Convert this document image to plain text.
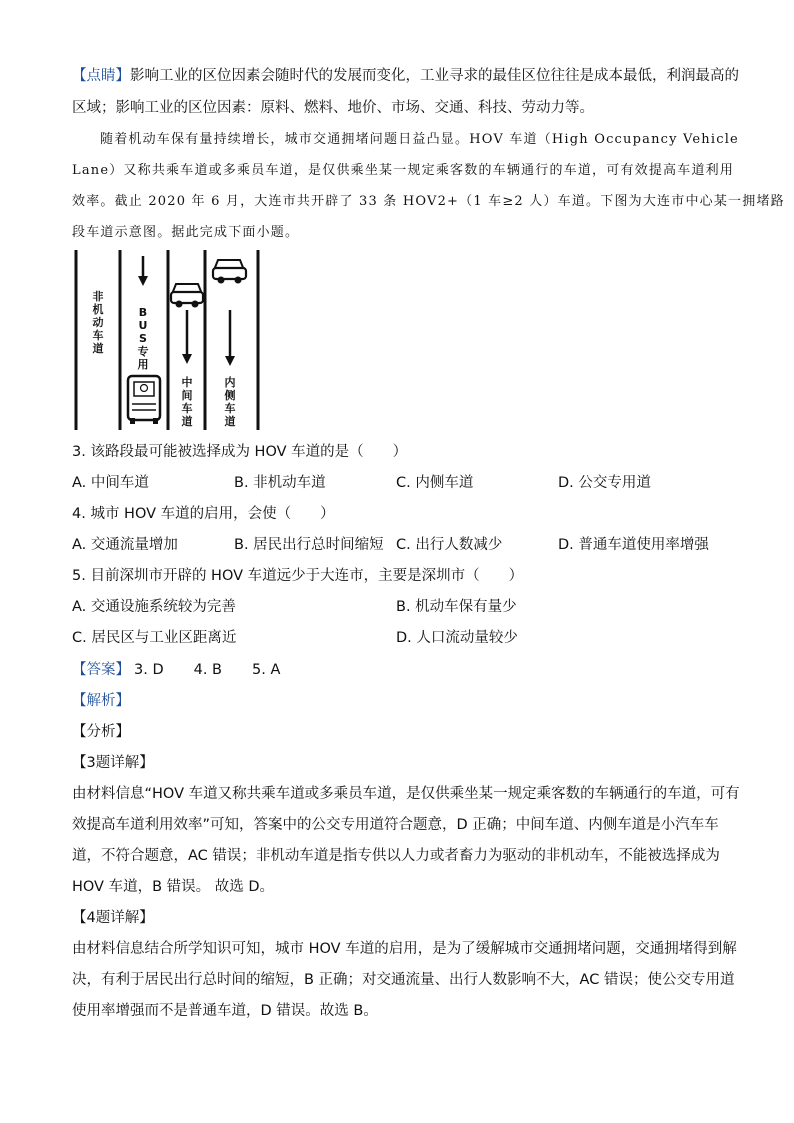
【点睛】影响工业的区位因素会随时代的发展而变化，工业寻求的最佳区位往往是成本最低，利润最高的
区域；影响工业的区位因素：原料、燃料、地价、市场、交通、科技、劳动力等。
随着机动车保有量持续增长，城市交通拥堵问题日益凸显。HOV 车道（High Occupancy Vehicle
Lane）又称共乘车道或多乘员车道，是仅供乘坐某一规定乘客数的车辆通行的车道，可有效提高车道利用
效率。截止 2020 年 6 月，大连市共开辟了 33 条 HOV2+（1 车≥2 人）车道。下图为大连市中心某一拥堵路
段车道示意图。据此完成下面小题。
非机动车道
BUS专用
中间车道
内侧车道
3. 该路段最可能被选择成为 HOV 车道的是（　　）
A. 中间车道	B. 非机动车道	C. 内侧车道	D. 公交专用道
4. 城市 HOV 车道的启用，会使（　　）
A. 交通流量增加	B. 居民出行总时间缩短 C. 出行人数减少	D. 普通车道使用率增强
5. 目前深圳市开辟的 HOV 车道远少于大连市，主要是深圳市（　　）
A. 交通设施系统较为完善	B. 机动车保有量少
C. 居民区与工业区距离近	D. 人口流动量较少
【答案】 3. D 4. B 5. A
【解析】
【分析】
【3题详解】
由材料信息“HOV 车道又称共乘车道或多乘员车道，是仅供乘坐某一规定乘客数的车辆通行的车道，可有
效提高车道利用效率”可知，答案中的公交专用道符合题意，D 正确；中间车道、内侧车道是小汽车车
道，不符合题意，AC 错误；非机动车道是指专供以人力或者畜力为驱动的非机动车，不能被选择成为
HOV 车道，B 错误。 故选 D。
【4题详解】
由材料信息结合所学知识可知，城市 HOV 车道的启用，是为了缓解城市交通拥堵问题，交通拥堵得到解
决，有利于居民出行总时间的缩短，B 正确；对交通流量、出行人数影响不大，AC 错误；使公交专用道
使用率增强而不是普通车道，D 错误。故选 B。
